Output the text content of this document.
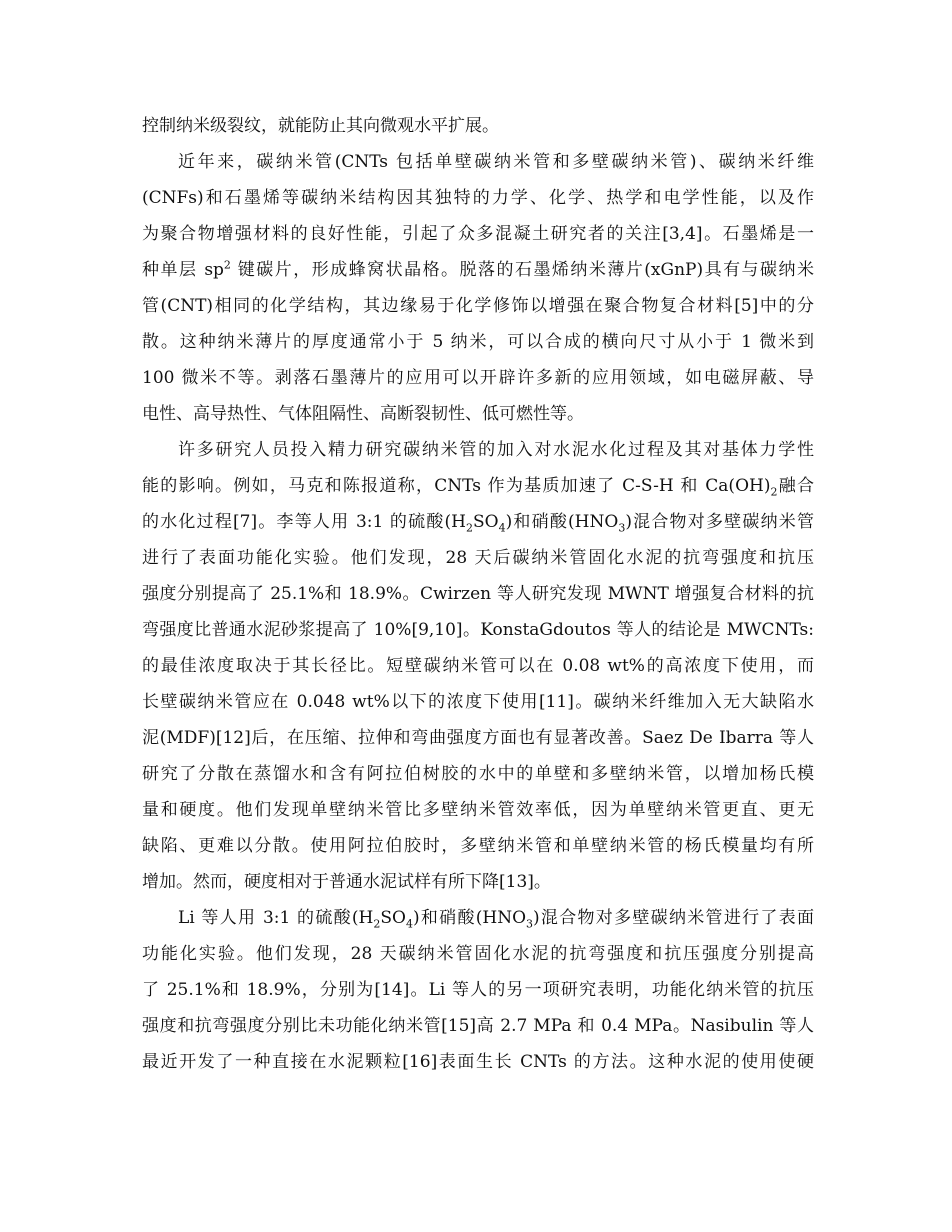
控制纳米级裂纹，就能防止其向微观水平扩展。
近年来，碳纳米管(CNTs 包括单壁碳纳米管和多壁碳纳米管)、碳纳米纤维
(CNFs)和石墨烯等碳纳米结构因其独特的力学、化学、热学和电学性能，以及作
为聚合物增强材料的良好性能，引起了众多混凝土研究者的关注[3,4]。石墨烯是一
种单层 $sp^2$ 键碳片，形成蜂窝状晶格。脱落的石墨烯纳米薄片(xGnP)具有与碳纳米
管(CNT)相同的化学结构，其边缘易于化学修饰以增强在聚合物复合材料[5]中的分
散。这种纳米薄片的厚度通常小于 5 纳米，可以合成的横向尺寸从小于 1 微米到
100 微米不等。剥落石墨薄片的应用可以开辟许多新的应用领域，如电磁屏蔽、导
电性、高导热性、气体阻隔性、高断裂韧性、低可燃性等。
许多研究人员投入精力研究碳纳米管的加入对水泥水化过程及其对基体力学性
能的影响。例如，马克和陈报道称，CNTs 作为基质加速了 C-S-H 和 $Ca(OH)_2$融合
的水化过程[7]。李等人用 3:1 的硫酸$(H_2SO_4)$和硝酸$(HNO_3)$混合物对多壁碳纳米管
进行了表面功能化实验。他们发现，28 天后碳纳米管固化水泥的抗弯强度和抗压
强度分别提高了 25.1%和 18.9%。Cwirzen 等人研究发现 MWNT 增强复合材料的抗
弯强度比普通水泥砂浆提高了 10%[9,10]。KonstaGdoutos 等人的结论是 MWCNTs:
的最佳浓度取决于其长径比。短壁碳纳米管可以在 0.08 wt%的高浓度下使用，而
长壁碳纳米管应在 0.048 wt%以下的浓度下使用[11]。碳纳米纤维加入无大缺陷水
泥(MDF)[12]后，在压缩、拉伸和弯曲强度方面也有显著改善。Saez De Ibarra 等人
研究了分散在蒸馏水和含有阿拉伯树胶的水中的单壁和多壁纳米管，以增加杨氏模
量和硬度。他们发现单壁纳米管比多壁纳米管效率低，因为单壁纳米管更直、更无
缺陷、更难以分散。使用阿拉伯胶时，多壁纳米管和单壁纳米管的杨氏模量均有所
增加。然而，硬度相对于普通水泥试样有所下降[13]。
Li 等人用 3:1 的硫酸$(H_2SO_4)$和硝酸$(HNO_3)$混合物对多壁碳纳米管进行了表面
功能化实验。他们发现，28 天碳纳米管固化水泥的抗弯强度和抗压强度分别提高
了 25.1%和 18.9%，分别为[14]。Li 等人的另一项研究表明，功能化纳米管的抗压
强度和抗弯强度分别比未功能化纳米管[15]高 2.7 MPa 和 0.4 MPa。Nasibulin 等人
最近开发了一种直接在水泥颗粒[16]表面生长 CNTs 的方法。这种水泥的使用使硬
